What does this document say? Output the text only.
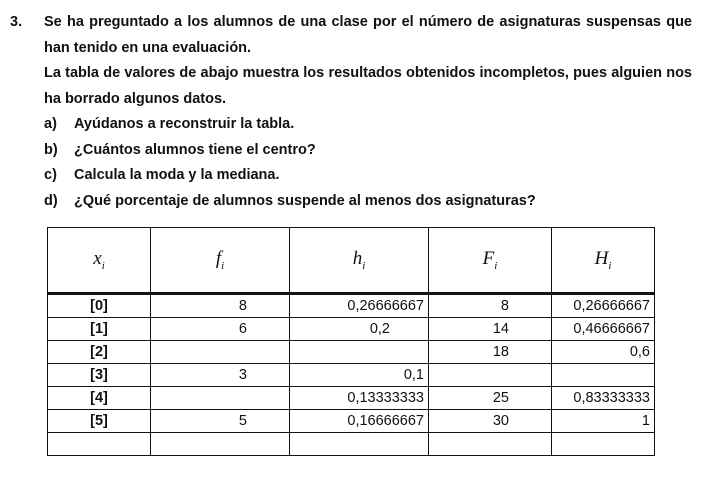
3. Se ha preguntado a los alumnos de una clase por el número de asignaturas suspensas que han tenido en una evaluación.

La tabla de valores de abajo muestra los resultados obtenidos incompletos, pues alguien nos ha borrado algunos datos.

a) Ayúdanos a reconstruir la tabla.
b) ¿Cuántos alumnos tiene el centro?
c) Calcula la moda y la mediana.
d) ¿Qué porcentaje de alumnos suspende al menos dos asignaturas?
$x_i$	$f_i$	$h_i$	$F_i$	$H_i$
[0]	8	0,26666667	8	0,26666667
[1]	6	0,2	14	0,46666667
[2]			18	0,6
[3]	3	0,1		
[4]		0,13333333	25	0,83333333
[5]	5	0,16666667	30	1
